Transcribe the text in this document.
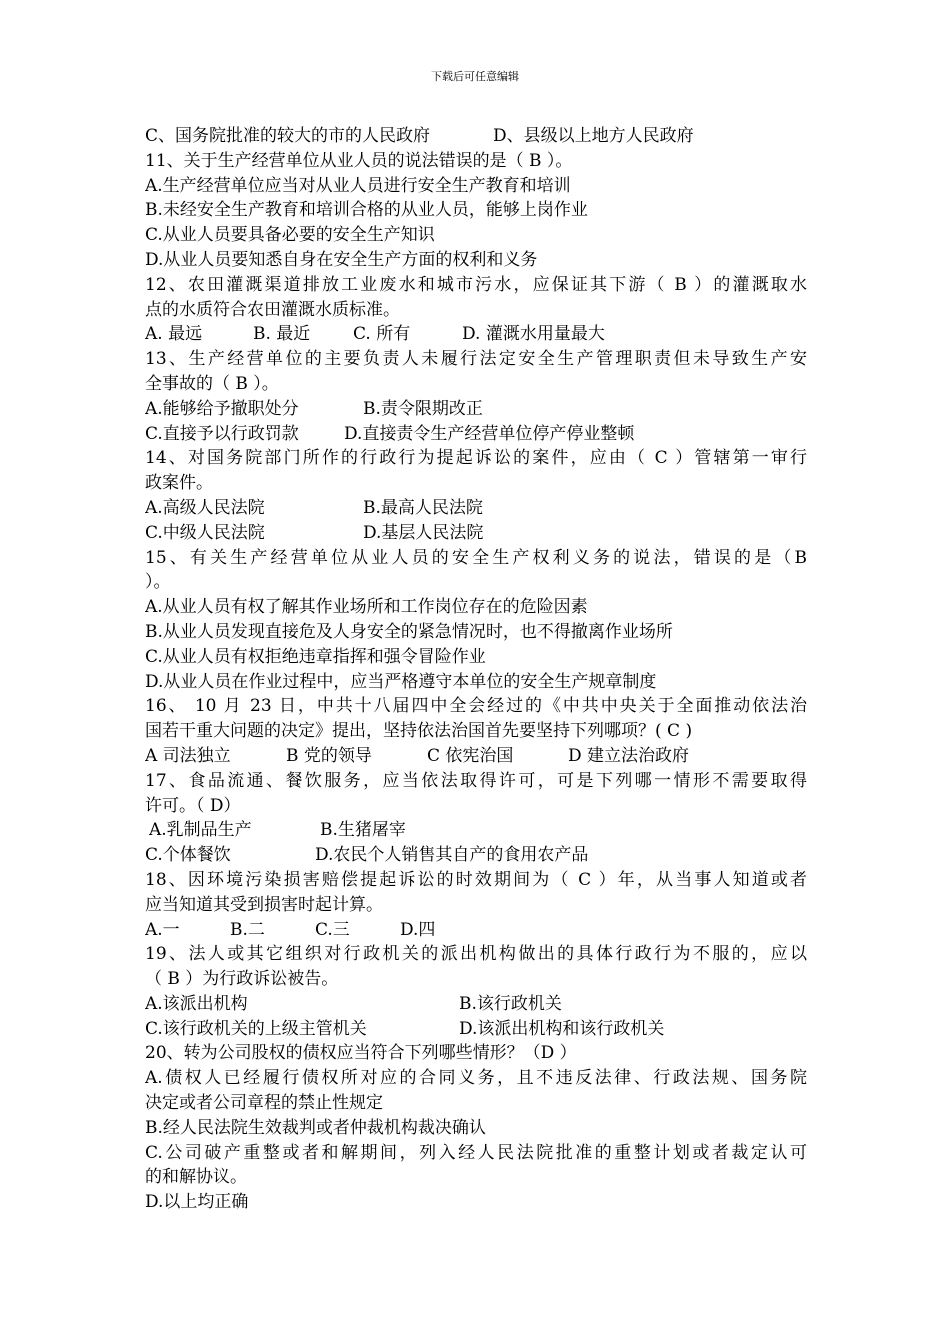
下载后可任意编辑
C、国务院批准的较大的市的人民政府	D、县级以上地方人民政府
11、关于生产经营单位从业人员的说法错误的是（ B ）。
A.生产经营单位应当对从业人员进行安全生产教育和培训
B.未经安全生产教育和培训合格的从业人员，能够上岗作业
C.从业人员要具备必要的安全生产知识
D.从业人员要知悉自身在安全生产方面的权利和义务
12、农田灌溉渠道排放工业废水和城市污水，应保证其下游（ B ）的灌溉取水
点的水质符合农田灌溉水质标准。
A. 最远	B. 最近	C. 所有	D. 灌溉水用量最大
13、生产经营单位的主要负责人未履行法定安全生产管理职责但未导致生产安
全事故的（ B ）。
A.能够给予撤职处分	B.责令限期改正
C.直接予以行政罚款	D.直接责令生产经营单位停产停业整顿
14、对国务院部门所作的行政行为提起诉讼的案件，应由（ C ）管辖第一审行
政案件。
A.高级人民法院	B.最高人民法院
C.中级人民法院	D.基层人民法院
15、有关生产经营单位从业人员的安全生产权利义务的说法，错误的是（B
）。
A.从业人员有权了解其作业场所和工作岗位存在的危险因素
B.从业人员发现直接危及人身安全的紧急情况时，也不得撤离作业场所
C.从业人员有权拒绝违章指挥和强令冒险作业
D.从业人员在作业过程中，应当严格遵守本单位的安全生产规章制度
16、 10 月 23 日，中共十八届四中全会经过的《中共中央关于全面推动依法治
国若干重大问题的决定》提出，坚持依法治国首先要坚持下列哪项？( C )
A 司法独立	B 党的领导	C 依宪治国	D 建立法治政府
17、食品流通、餐饮服务，应当依法取得许可，可是下列哪一情形不需要取得
许可。（ D）
A.乳制品生产	B.生猪屠宰
C.个体餐饮	D.农民个人销售其自产的食用农产品
18、因环境污染损害赔偿提起诉讼的时效期间为（ C ）年，从当事人知道或者
应当知道其受到损害时起计算。
A.一	B.二	C.三	D.四
19、法人或其它组织对行政机关的派出机构做出的具体行政行为不服的，应以
（ B ）为行政诉讼被告。
A.该派出机构	B.该行政机关
C.该行政机关的上级主管机关	D.该派出机构和该行政机关
20、转为公司股权的债权应当符合下列哪些情形？（D ）
A.债权人已经履行债权所对应的合同义务，且不违反法律、行政法规、国务院
决定或者公司章程的禁止性规定
B.经人民法院生效裁判或者仲裁机构裁决确认
C.公司破产重整或者和解期间，列入经人民法院批准的重整计划或者裁定认可
的和解协议。
D.以上均正确
